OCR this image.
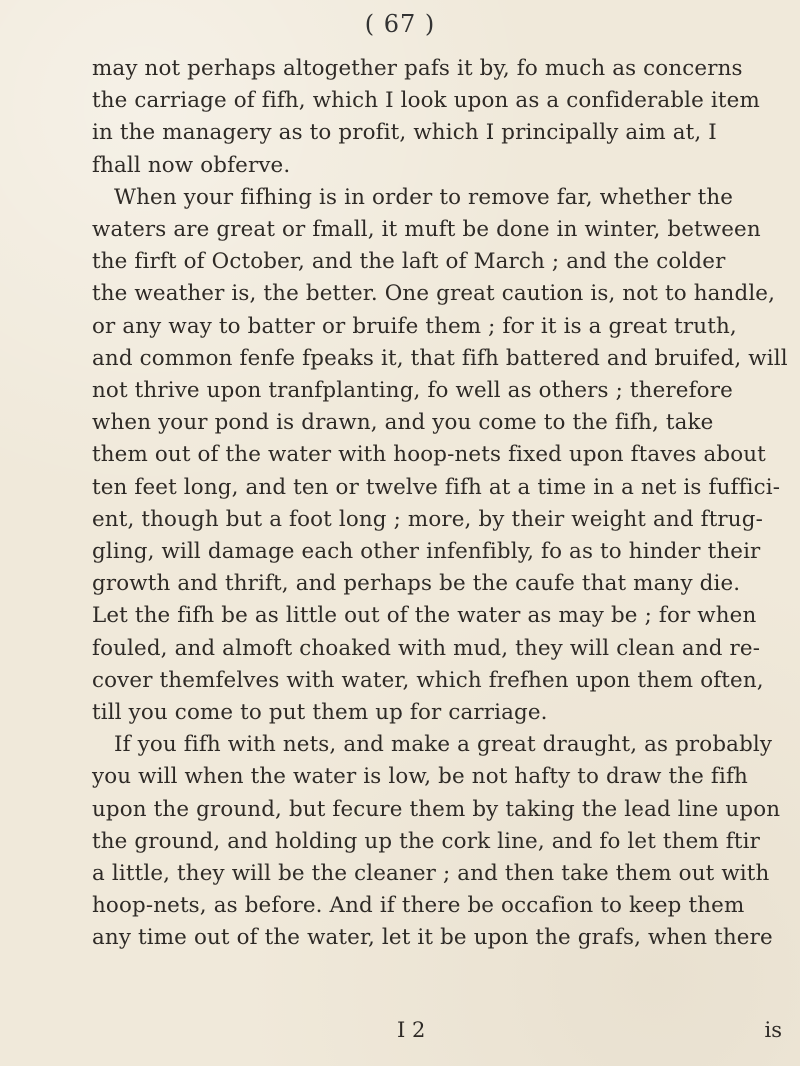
( 67 )
may not perhaps altogether pafs it by, fo much as concerns
the carriage of fifh, which I look upon as a confiderable item
in the managery as to profit, which I principally aim at, I
fhall now obferve.
When your fifhing is in order to remove far, whether the
waters are great or fmall, it muft be done in winter, between
the firft of October, and the laft of March ; and the colder
the weather is, the better. One great caution is, not to handle,
or any way to batter or bruife them ; for it is a great truth,
and common fenfe fpeaks it, that fifh battered and bruifed, will
not thrive upon tranfplanting, fo well as others ; therefore
when your pond is drawn, and you come to the fifh, take
them out of the water with hoop-nets fixed upon ftaves about
ten feet long, and ten or twelve fifh at a time in a net is fuffici-
ent, though but a foot long ; more, by their weight and ftrug-
gling, will damage each other infenfibly, fo as to hinder their
growth and thrift, and perhaps be the caufe that many die.
Let the fifh be as little out of the water as may be ; for when
fouled, and almoft choaked with mud, they will clean and re-
cover themfelves with water, which frefhen upon them often,
till you come to put them up for carriage.
If you fifh with nets, and make a great draught, as probably
you will when the water is low, be not hafty to draw the fifh
upon the ground, but fecure them by taking the lead line upon
the ground, and holding up the cork line, and fo let them ftir
a little, they will be the cleaner ; and then take them out with
hoop-nets, as before. And if there be occafion to keep them
any time out of the water, let it be upon the grafs, when there
I 2	is
